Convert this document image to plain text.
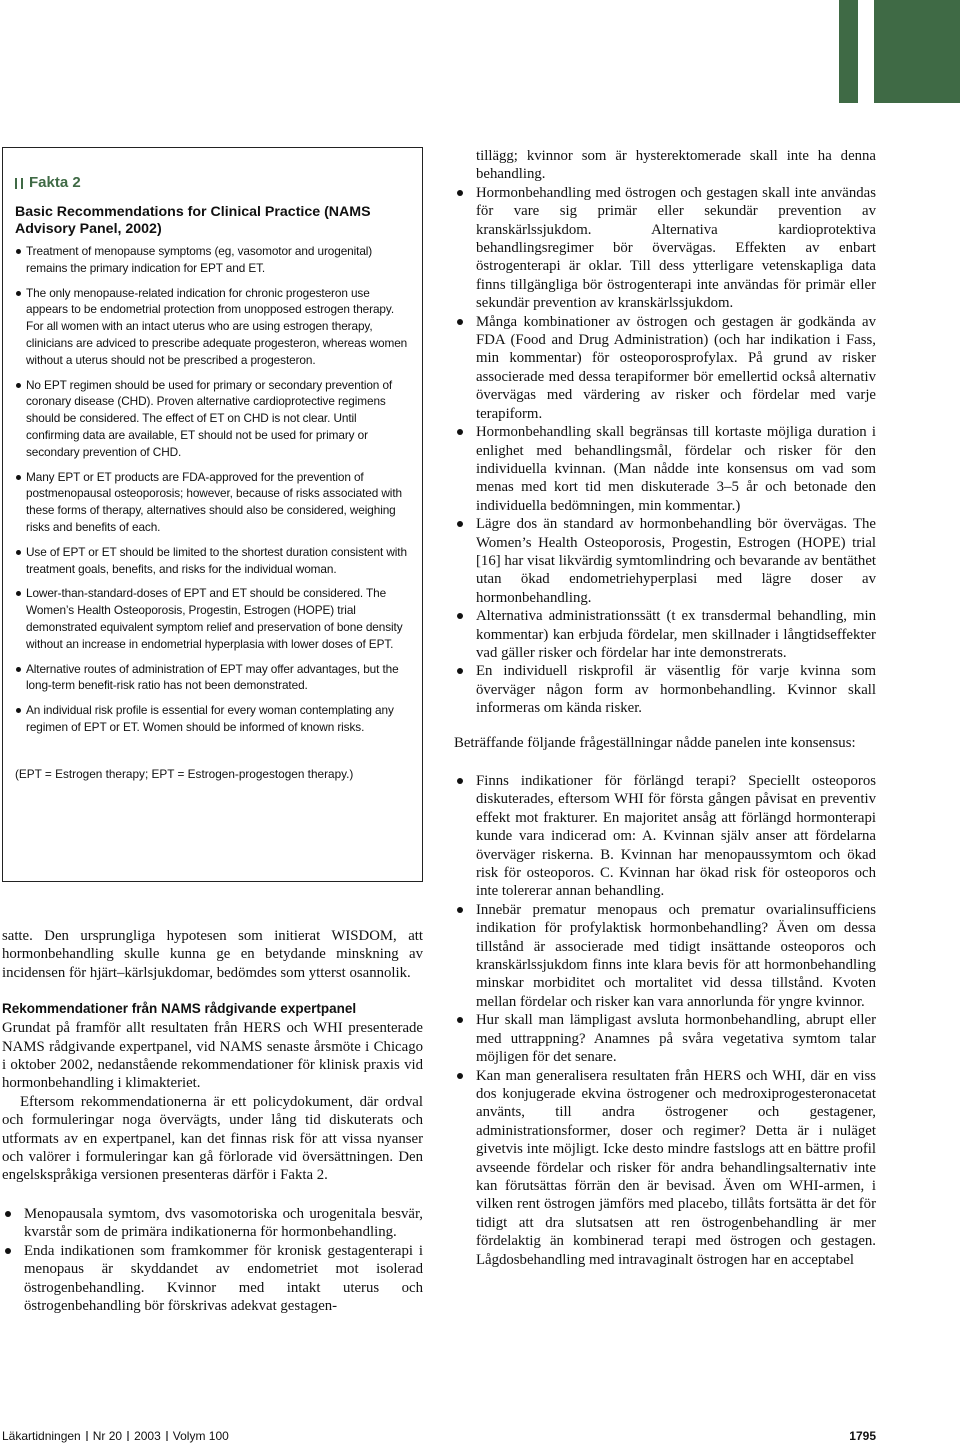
Fakta 2
Basic Recommendations for Clinical Practice (NAMS Advisory Panel, 2002)
Treatment of menopause symptoms (eg, vasomotor and urogenital) remains the primary indication for EPT and ET.
The only menopause-related indication for chronic progesteron use appears to be endometrial protection from unopposed estrogen therapy. For all women with an intact uterus who are using estrogen therapy, clinicians are adviced to prescribe adequate progesteron, whereas women without a uterus should not be prescribed a progesteron.
No EPT regimen should be used for primary or secondary prevention of coronary disease (CHD). Proven alternative cardioprotective regimens should be considered. The effect of ET on CHD is not clear. Until confirming data are available, ET should not be used for primary or secondary prevention of CHD.
Many EPT or ET products are FDA-approved for the prevention of postmenopausal osteoporosis; however, because of risks associated with these forms of therapy, alternatives should also be considered, weighing risks and benefits of each.
Use of EPT or ET should be limited to the shortest duration consistent with treatment goals, benefits, and risks for the individual woman.
Lower-than-standard-doses of EPT and ET should be considered. The Women’s Health Osteoporosis, Progestin, Estrogen (HOPE) trial demonstrated equivalent symptom relief and preservation of bone density without an increase in endometrial hyperplasia with lower doses of EPT.
Alternative routes of administration of EPT may offer advantages, but the long-term benefit-risk ratio has not been demonstrated.
An individual risk profile is essential for every woman contemplating any regimen of EPT or ET. Women should be informed of known risks.
(EPT = Estrogen therapy; EPT = Estrogen-progestogen therapy.)

satte. Den ursprungliga hypotesen som initierat WISDOM, att hormonbehandling skulle kunna ge en betydande minskning av incidensen för hjärt–kärlsjukdomar, bedömdes som ytterst osannolik.

Rekommendationer från NAMS rådgivande expertpanel

Grundat på framför allt resultaten från HERS och WHI presenterade NAMS rådgivande expertpanel, vid NAMS senaste årsmöte i Chicago i oktober 2002, nedanstående rekommendationer för klinisk praxis vid hormonbehandling i klimakteriet.

Eftersom rekommendationerna är ett policydokument, där ordval och formuleringar noga övervägts, under lång tid diskuterats och utformats av en expertpanel, kan det finnas risk för att vissa nyanser och valörer i formuleringar kan gå förlorade vid översättningen. Den engelskspråkiga versionen presenteras därför i Fakta 2.

Menopausala symtom, dvs vasomotoriska och urogenitala besvär, kvarstår som de primära indikationerna för hormonbehandling.
Enda indikationen som framkommer för kronisk gestagenterapi i menopaus är skyddandet av endometriet mot isolerad östrogenbehandling. Kvinnor med intakt uterus och östrogenbehandling bör förskrivas adekvat gestagen-

tillägg; kvinnor som är hysterektomerade skall inte ha denna behandling.

Hormonbehandling med östrogen och gestagen skall inte användas för vare sig primär eller sekundär prevention av kranskärlssjukdom. Alternativa kardioprotektiva behandlingsregimer bör övervägas. Effekten av enbart östrogenterapi är oklar. Till dess ytterligare vetenskapliga data finns tillgängliga bör östrogenterapi inte användas för primär eller sekundär prevention av kranskärlssjukdom.
Många kombinationer av östrogen och gestagen är godkända av FDA (Food and Drug Administration) (och har indikation i Fass, min kommentar) för osteoporosprofylax. På grund av risker associerade med dessa terapiformer bör emellertid också alternativ övervägas med värdering av risker och fördelar med varje terapiform.
Hormonbehandling skall begränsas till kortaste möjliga duration i enlighet med behandlingsmål, fördelar och risker för den individuella kvinnan. (Man nådde inte konsensus om vad som menas med kort tid men diskuterade 3–5 år och betonade den individuella bedömningen, min kommentar.)
Lägre dos än standard av hormonbehandling bör övervägas. The Women’s Health Osteoporosis, Progestin, Estrogen (HOPE) trial [16] har visat likvärdig symtomlindring och bevarande av bentäthet utan ökad endometriehyperplasi med lägre doser av hormonbehandling.
Alternativa administrationssätt (t ex transdermal behandling, min kommentar) kan erbjuda fördelar, men skillnader i långtidseffekter vad gäller risker och fördelar har inte demonstrerats.
En individuell riskprofil är väsentlig för varje kvinna som överväger någon form av hormonbehandling. Kvinnor skall informeras om kända risker.

Beträffande följande frågeställningar nådde panelen inte konsensus:

Finns indikationer för förlängd terapi? Speciellt osteoporos diskuterades, eftersom WHI för första gången påvisat en preventiv effekt mot frakturer. En majoritet ansåg att förlängd hormonterapi kunde vara indicerad om: A. Kvinnan själv anser att fördelarna överväger riskerna. B. Kvinnan har menopaussymtom och ökad risk för osteoporos. C. Kvinnan har ökad risk för osteoporos och inte tolererar annan behandling.
Innebär prematur menopaus och prematur ovarialinsufficiens indikation för profylaktisk hormonbehandling? Även om dessa tillstånd är associerade med tidigt insättande osteoporos och kranskärlssjukdom finns inte klara bevis för att hormonbehandling minskar morbiditet och mortalitet vid dessa tillstånd. Kvoten mellan fördelar och risker kan vara annorlunda för yngre kvinnor.
Hur skall man lämpligast avsluta hormonbehandling, abrupt eller med uttrappning? Anamnes på svåra vegetativa symtom talar möjligen för det senare.
Kan man generalisera resultaten från HERS och WHI, där en viss dos konjugerade ekvina östrogener och medroxiprogesteronacetat använts, till andra östrogener och gestagener, administrationsformer, doser och regimer? Detta är i nuläget givetvis inte möjligt. Icke desto mindre fastslogs att en bättre profil avseende fördelar och risker för andra behandlingsalternativ inte kan förutsättas förrän den är bevisad. Även om WHI-armen, i vilken rent östrogen jämförs med placebo, tillåts fortsätta är det för tidigt att dra slutsatsen att ren östrogenbehandling är mer fördelaktig än kombinerad terapi med östrogen och gestagen. Lågdosbehandling med intravaginalt östrogen har en acceptabel
Läkartidningen Nr 20 2003 Volym 100	1795
